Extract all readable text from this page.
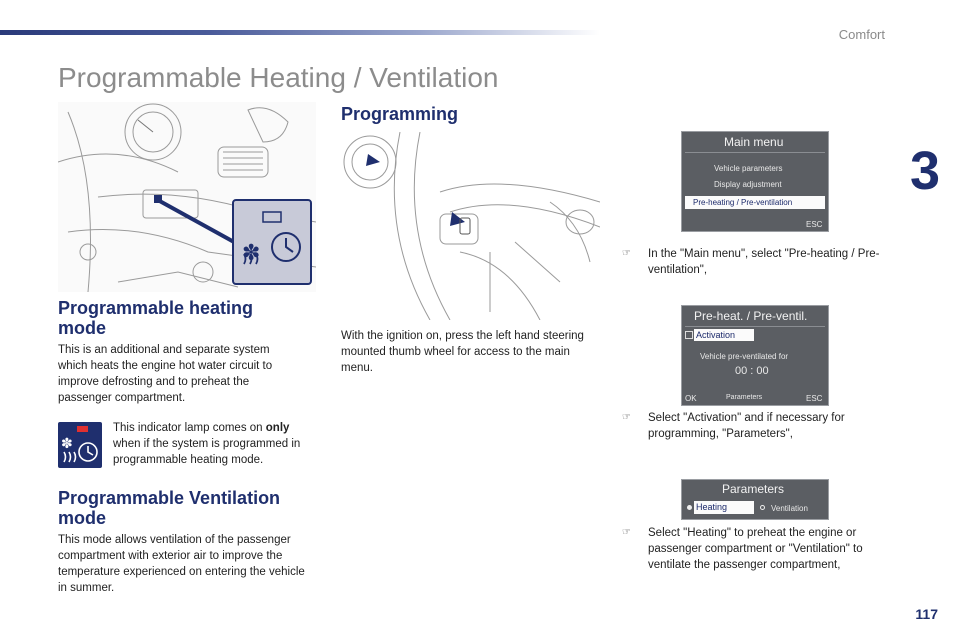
Comfort
3
Programmable Heating / Ventilation
✽
Programmable heating mode

This is an additional and separate system which heats the engine hot water circuit to improve defrosting and to preheat the passenger compartment.

✽

This indicator lamp comes on only when if the system is programmed in programmable heating mode.

Programmable Ventilation mode

This mode allows ventilation of the passenger compartment with exterior air to improve the temperature experienced on entering the vehicle in summer.

Programming

With the ignition on, press the left hand steering mounted thumb wheel for access to the main menu.

Main menu
Vehicle parameters
Display adjustment
Pre-heating / Pre-ventilation
ESC
☞ In the "Main menu", select "Pre-heating / Pre-ventilation",
Pre-heat. / Pre-ventil.
Activation
Vehicle pre-ventilated for
00 : 00
OK	Parameters	ESC
☞ Select "Activation" and if necessary for programming, "Parameters",
Parameters
Heating	Ventilation
☞ Select "Heating" to preheat the engine or passenger compartment or "Ventilation" to ventilate the passenger compartment,
117
